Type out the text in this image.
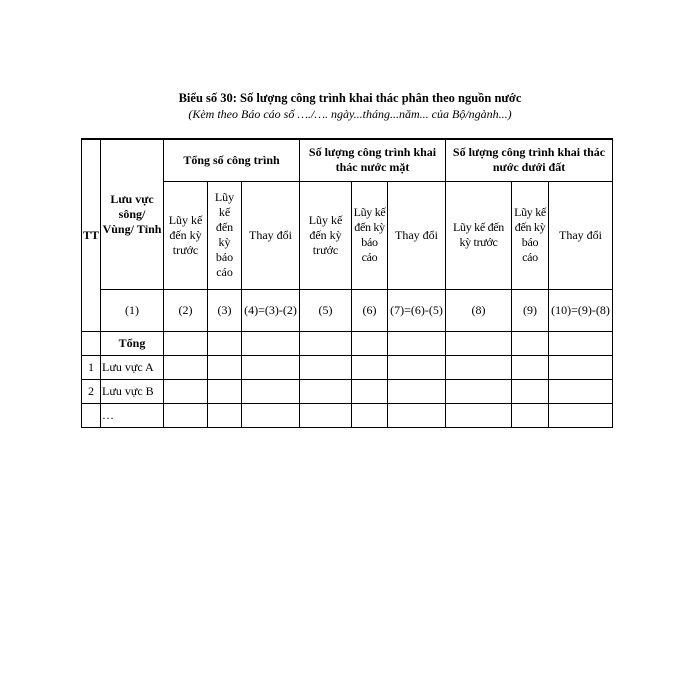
Biểu số 30: Số lượng công trình khai thác phân theo nguồn nước
(Kèm theo Báo cáo số …./…. ngày...tháng...năm... của Bộ/ngành...)
TT	Lưu vực sông/ Vùng/ Tỉnh	Tổng số công trình			Số lượng công trình khai thác nước mặt			Số lượng công trình khai thác nước dưới đất		
		Lũy kế đến kỳ trước	Lũy kế đến kỳ báo cáo	Thay đổi	Lũy kế đến kỳ trước	Lũy kế đến kỳ báo cáo	Thay đổi	Lũy kế đến kỳ trước	Lũy kế đến kỳ báo cáo	Thay đổi
	(1)	(2)	(3)	(4)=(3)-(2)	(5)	(6)	(7)=(6)-(5)	(8)	(9)	(10)=(9)-(8)
	Tổng									
1	Lưu vực A									
2	Lưu vực B									
	…									
